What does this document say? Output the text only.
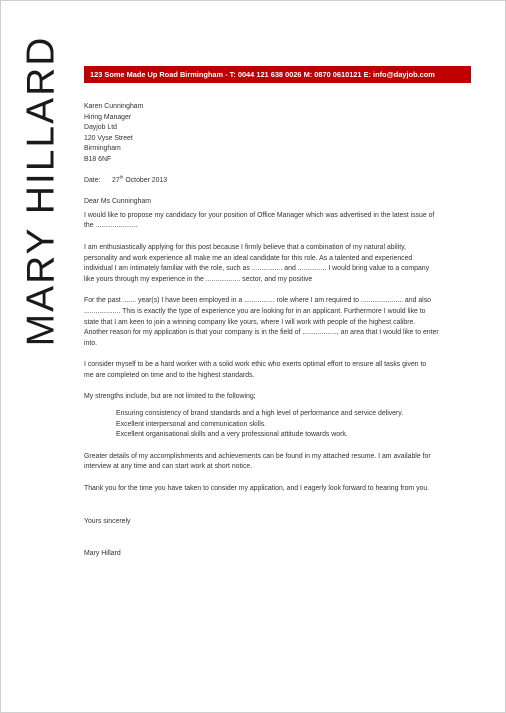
MARY HILLARD	123 Some Made Up Road Birmingham - T: 0044 121 638 0026 M: 0870 0610121 E: info@dayjob.com
Karen Cunningham
Hiring Manager
Dayjob Ltd
120 Vyse Street
Birmingham
B18 6NF
Date: 27th October 2013
Dear Ms Cunningham
I would like to propose my candidacy for your position of Office Manager which was advertised in the latest issue of
the ......................
I am enthusiastically applying for this post because I firmly believe that a combination of my natural ability,
personality and work experience all make me an ideal candidate for this role. As a talented and experienced
individual I am intimately familiar with the role, such as ................ and ............... I would bring value to a company
like yours through my experience in the .................. sector, and my positive
For the past ....... year(s) I have been employed in a ................ role where I am required to ...................... and also
................... This is exactly the type of experience you are looking for in an applicant. Furthermore I would like to
state that I am keen to join a winning company like yours, where I will work with people of the highest calibre.
Another reason for my application is that your company is in the field of .................., an area that I would like to enter
into.
I consider myself to be a hard worker with a solid work ethic who exerts optimal effort to ensure all tasks given to
me are completed on time and to the highest standards.
My strengths include, but are not limited to the following;
Ensuring consistency of brand standards and a high level of performance and service delivery.
Excellent interpersonal and communication skills.
Excellent organisational skills and a very professional attitude towards work.
Greater details of my accomplishments and achievements can be found in my attached resume. I am available for
interview at any time and can start work at short notice.
Thank you for the time you have taken to consider my application, and I eagerly look forward to hearing from you.
Yours sincerely
Mary Hillard
